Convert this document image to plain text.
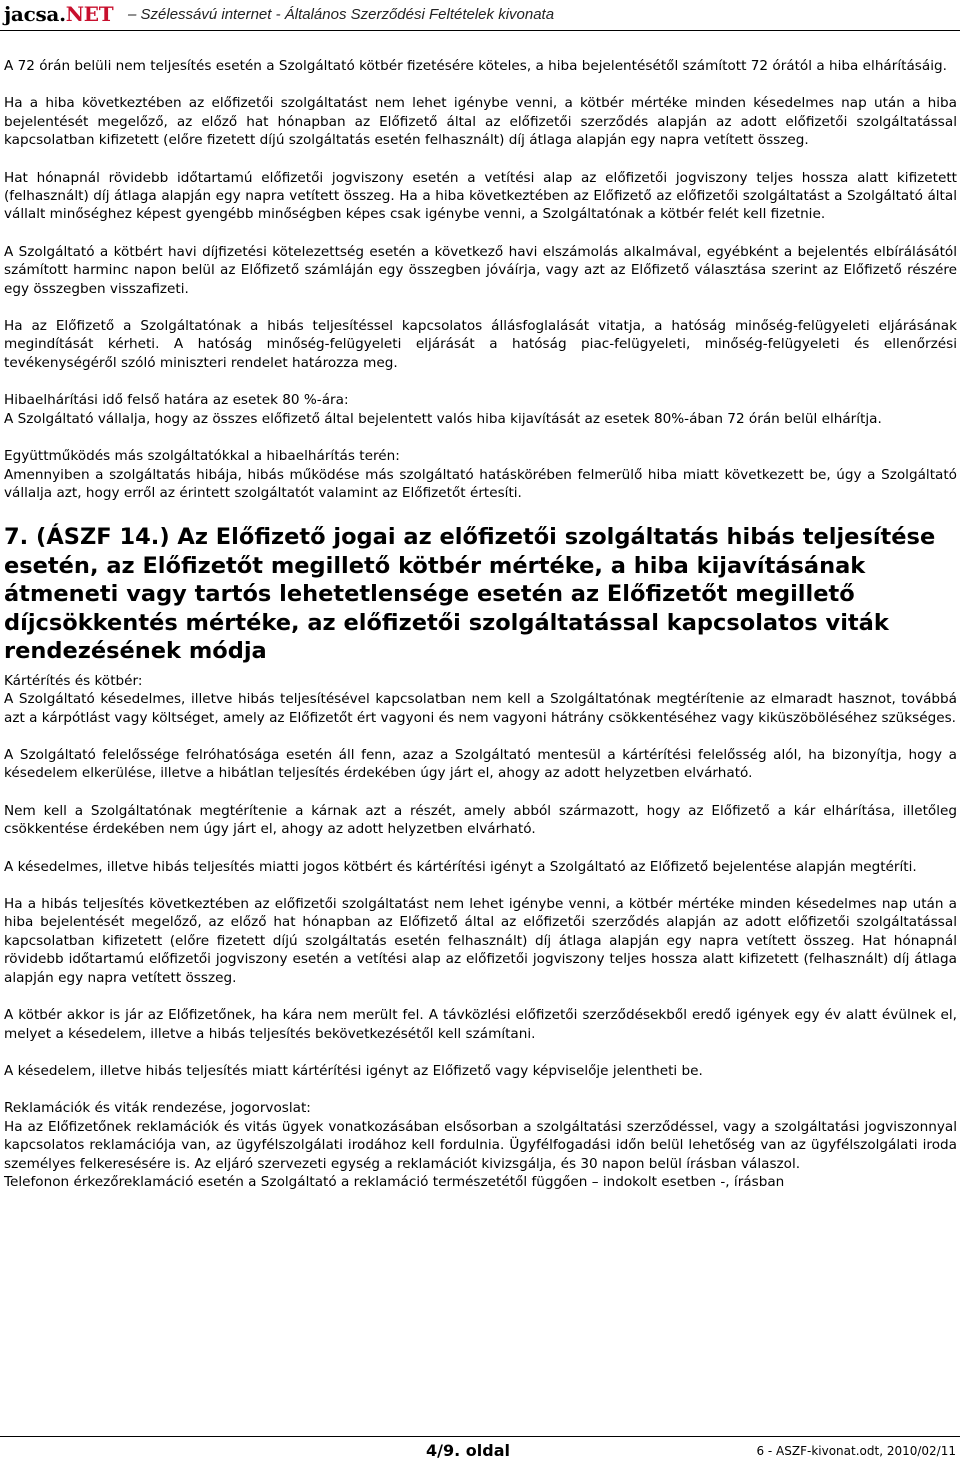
jacsa.NET – Szélessávú internet - Általános Szerződési Feltételek kivonata

A 72 órán belüli nem teljesítés esetén a Szolgáltató kötbér fizetésére köteles, a hiba bejelentésétől számított 72 órától a hiba elhárításáig.

Ha a hiba következtében az előfizetői szolgáltatást nem lehet igénybe venni, a kötbér mértéke minden késedelmes nap után a hiba bejelentését megelőző, az előző hat hónapban az Előfizető által az előfizetői szerződés alapján az adott előfizetői szolgáltatással kapcsolatban kifizetett (előre fizetett díjú szolgáltatás esetén felhasznált) díj átlaga alapján egy napra vetített összeg.

Hat hónapnál rövidebb időtartamú előfizetői jogviszony esetén a vetítési alap az előfizetői jogviszony teljes hossza alatt kifizetett (felhasznált) díj átlaga alapján egy napra vetített összeg. Ha a hiba következtében az Előfizető az előfizetői szolgáltatást a Szolgáltató által vállalt minőséghez képest gyengébb minőségben képes csak igénybe venni, a Szolgáltatónak a kötbér felét kell fizetnie.

A Szolgáltató a kötbért havi díjfizetési kötelezettség esetén a következő havi elszámolás alkalmával, egyébként a bejelentés elbírálásától számított harminc napon belül az Előfizető számláján egy összegben jóváírja, vagy azt az Előfizető választása szerint az Előfizető részére egy összegben visszafizeti.

Ha az Előfizető a Szolgáltatónak a hibás teljesítéssel kapcsolatos állásfoglalását vitatja, a hatóság minőség-felügyeleti eljárásának megindítását kérheti. A hatóság minőség-felügyeleti eljárását a hatóság piac-felügyeleti, minőség-felügyeleti és ellenőrzési tevékenységéről szóló miniszteri rendelet határozza meg.

Hibaelhárítási idő felső határa az esetek 80 %-ára:

A Szolgáltató vállalja, hogy az összes előfizető által bejelentett valós hiba kijavítását az esetek 80%-ában 72 órán belül elhárítja.

Együttműködés más szolgáltatókkal a hibaelhárítás terén:

Amennyiben a szolgáltatás hibája, hibás működése más szolgáltató hatáskörében felmerülő hiba miatt következett be, úgy a Szolgáltató vállalja azt, hogy erről az érintett szolgáltatót valamint az Előfizetőt értesíti.

7. (ÁSZF 14.) Az Előfizető jogai az előfizetői szolgáltatás hibás teljesítése esetén, az Előfizetőt megillető kötbér mértéke, a hiba kijavításának átmeneti vagy tartós lehetetlensége esetén az Előfizetőt megillető díjcsökkentés mértéke, az előfizetői szolgáltatással kapcsolatos viták rendezésének módja

Kártérítés és kötbér:

A Szolgáltató késedelmes, illetve hibás teljesítésével kapcsolatban nem kell a Szolgáltatónak megtérítenie az elmaradt hasznot, továbbá azt a kárpótlást vagy költséget, amely az Előfizetőt ért vagyoni és nem vagyoni hátrány csökkentéséhez vagy kiküszöböléséhez szükséges.

A Szolgáltató felelőssége felróhatósága esetén áll fenn, azaz a Szolgáltató mentesül a kártérítési felelősség alól, ha bizonyítja, hogy a késedelem elkerülése, illetve a hibátlan teljesítés érdekében úgy járt el, ahogy az adott helyzetben elvárható.

Nem kell a Szolgáltatónak megtérítenie a kárnak azt a részét, amely abból származott, hogy az Előfizető a kár elhárítása, illetőleg csökkentése érdekében nem úgy járt el, ahogy az adott helyzetben elvárható.

A késedelmes, illetve hibás teljesítés miatti jogos kötbért és kártérítési igényt a Szolgáltató az Előfizető bejelentése alapján megtéríti.

Ha a hibás teljesítés következtében az előfizetői szolgáltatást nem lehet igénybe venni, a kötbér mértéke minden késedelmes nap után a hiba bejelentését megelőző, az előző hat hónapban az Előfizető által az előfizetői szerződés alapján az adott előfizetői szolgáltatással kapcsolatban kifizetett (előre fizetett díjú szolgáltatás esetén felhasznált) díj átlaga alapján egy napra vetített összeg. Hat hónapnál rövidebb időtartamú előfizetői jogviszony esetén a vetítési alap az előfizetői jogviszony teljes hossza alatt kifizetett (felhasznált) díj átlaga alapján egy napra vetített összeg.

A kötbér akkor is jár az Előfizetőnek, ha kára nem merült fel. A távközlési előfizetői szerződésekből eredő igények egy év alatt évülnek el, melyet a késedelem, illetve a hibás teljesítés bekövetkezésétől kell számítani.

A késedelem, illetve hibás teljesítés miatt kártérítési igényt az Előfizető vagy képviselője jelentheti be.

Reklamációk és viták rendezése, jogorvoslat:

Ha az Előfizetőnek reklamációk és vitás ügyek vonatkozásában elsősorban a szolgáltatási szerződéssel, vagy a szolgáltatási jogviszonnyal kapcsolatos reklamációja van, az ügyfélszolgálati irodához kell fordulnia. Ügyfélfogadási időn belül lehetőség van az ügyfélszolgálati iroda személyes felkeresésére is. Az eljáró szervezeti egység a reklamációt kivizsgálja, és 30 napon belül írásban válaszol.

Telefonon érkezőreklamáció esetén a Szolgáltató a reklamáció természetétől függően – indokolt esetben -, írásban

4/9. oldal	6 - ASZF-kivonat.odt, 2010/02/11
